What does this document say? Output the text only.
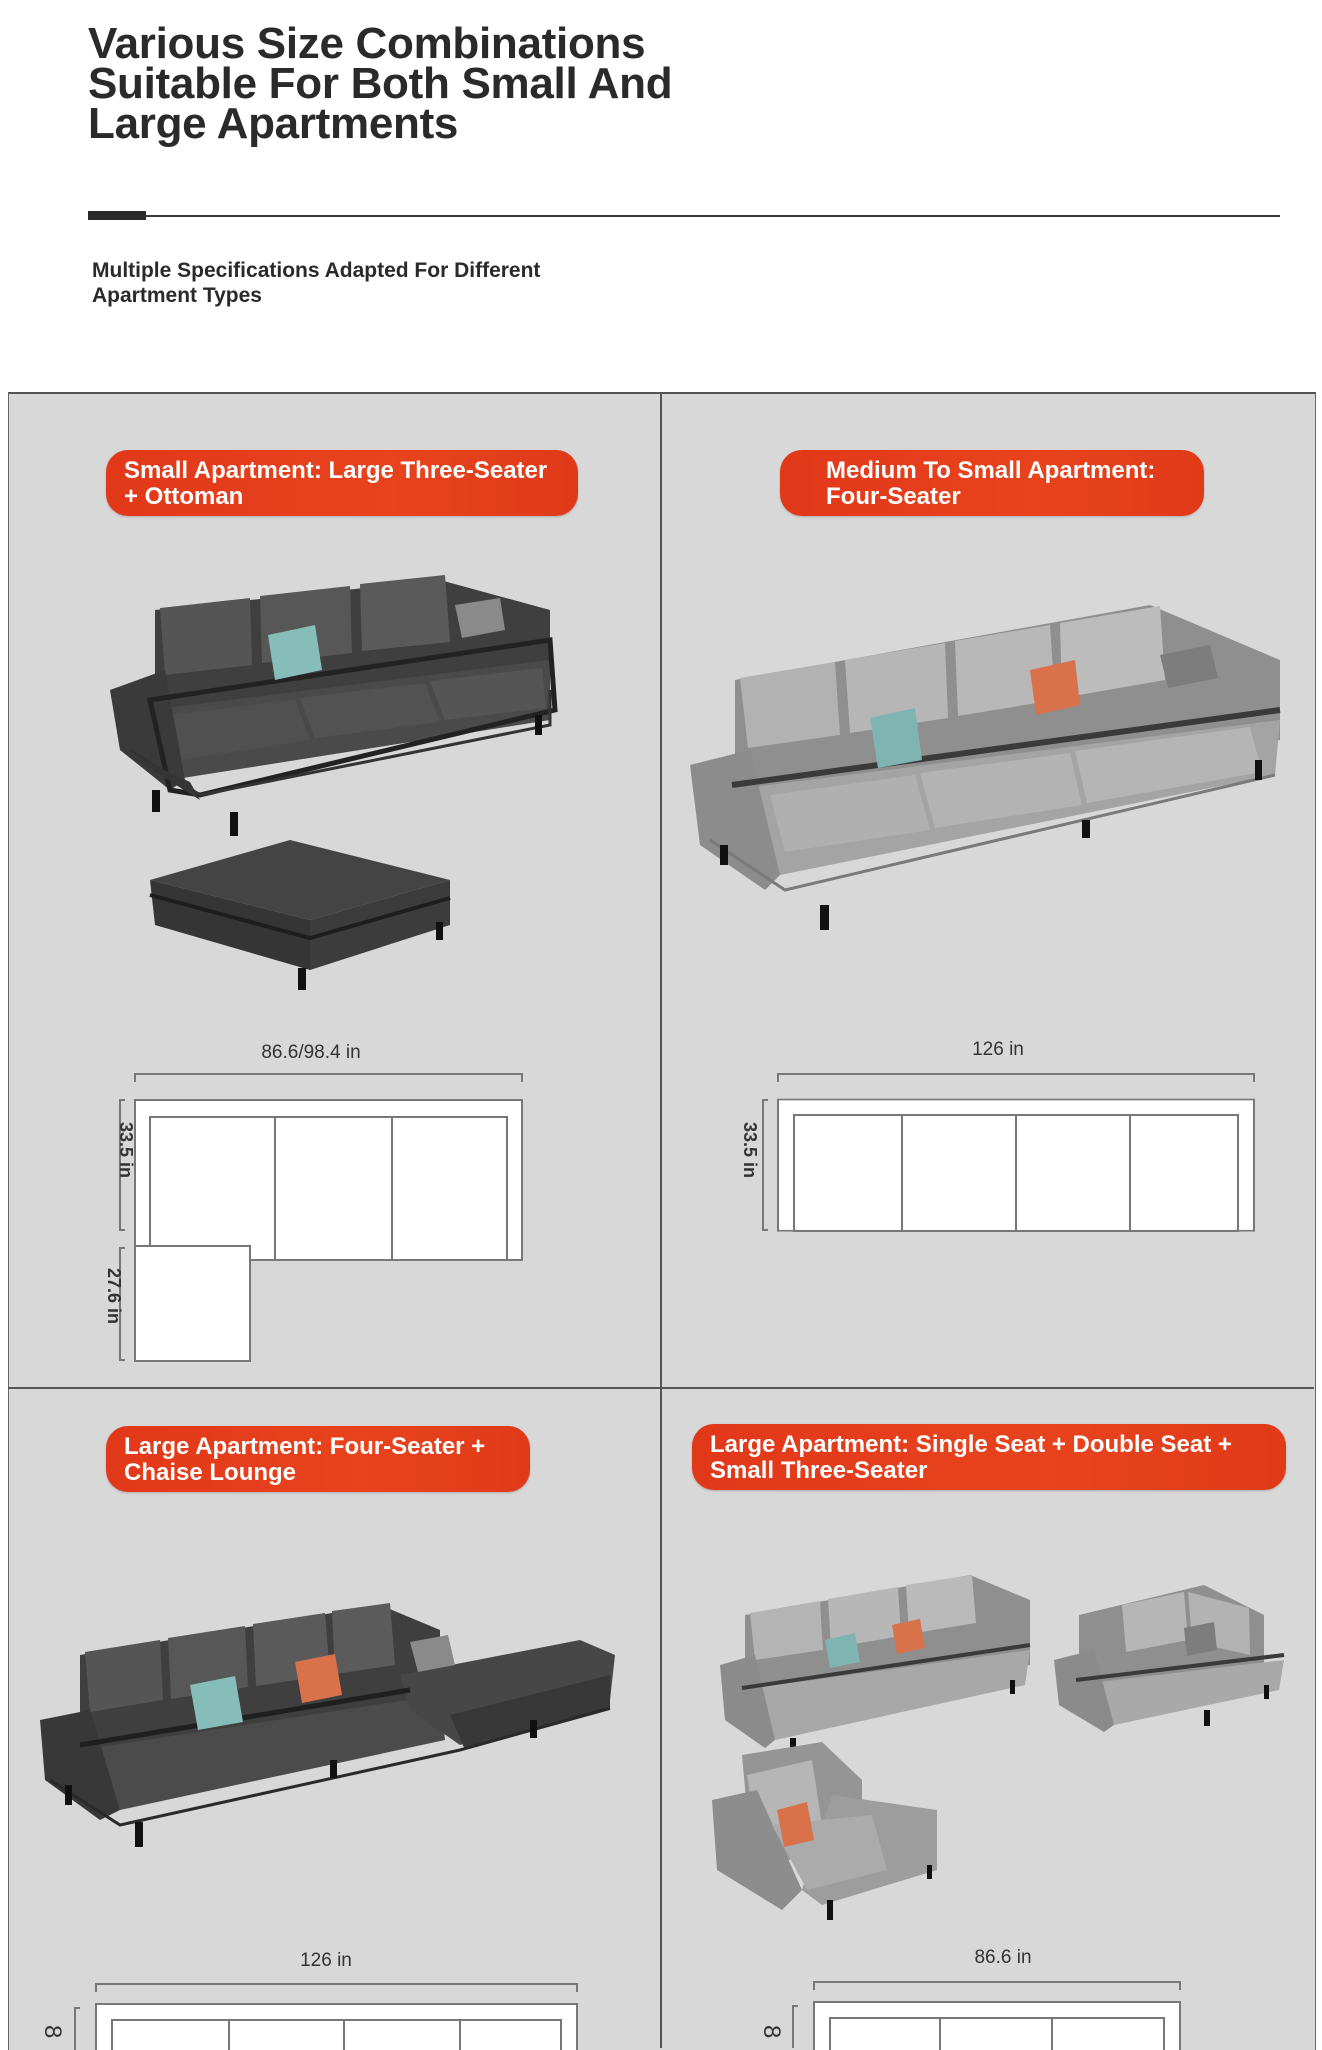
Various Size Combinations Suitable For Both Small And Large Apartments
Multiple Specifications Adapted For Different Apartment Types
Small Apartment: Large Three-Seater + Ottoman
86.6/98.4 in
33.5 in
27.6 in
Medium To Small Apartment: Four-Seater
126 in
33.5 in
Large Apartment: Four-Seater + Chaise Lounge
126 in
8
Large Apartment: Single Seat + Double Seat + Small Three-Seater
86.6 in
8
